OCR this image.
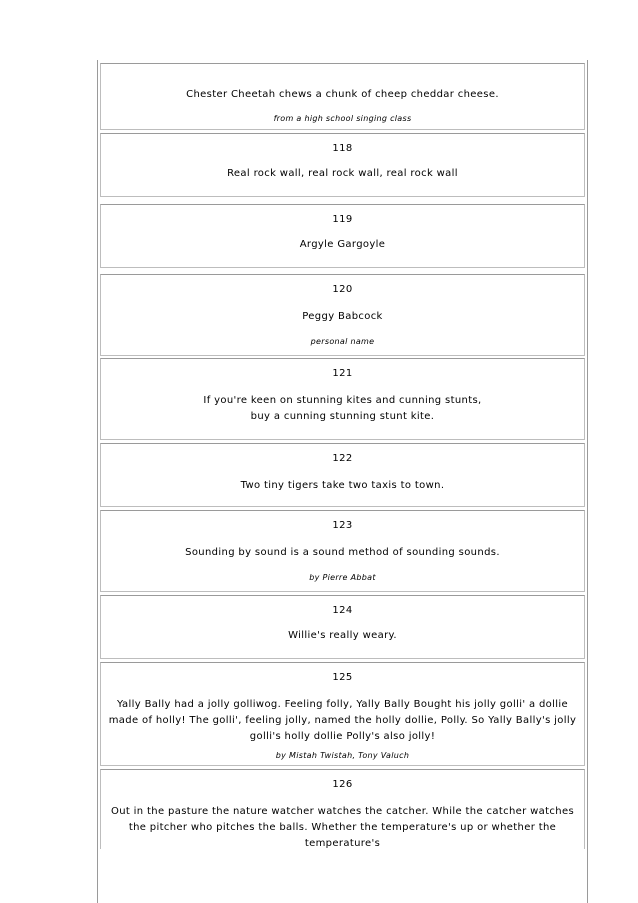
Chester Cheetah chews a chunk of cheep cheddar cheese.
from a high school singing class
118
Real rock wall, real rock wall, real rock wall
119
Argyle Gargoyle
120
Peggy Babcock
personal name
121
If you're keen on stunning kites and cunning stunts,
buy a cunning stunning stunt kite.
122
Two tiny tigers take two taxis to town.
123
Sounding by sound is a sound method of sounding sounds.
by Pierre Abbat
124
Willie's really weary.
125
Yally Bally had a jolly golliwog. Feeling folly, Yally Bally Bought his jolly golli' a dollie made of holly! The golli', feeling jolly, named the holly dollie, Polly. So Yally Bally's jolly golli's holly dollie Polly's also jolly!
by Mistah Twistah, Tony Valuch
126
Out in the pasture the nature watcher watches the catcher. While the catcher watches the pitcher who pitches the balls. Whether the temperature's up or whether the temperature's
